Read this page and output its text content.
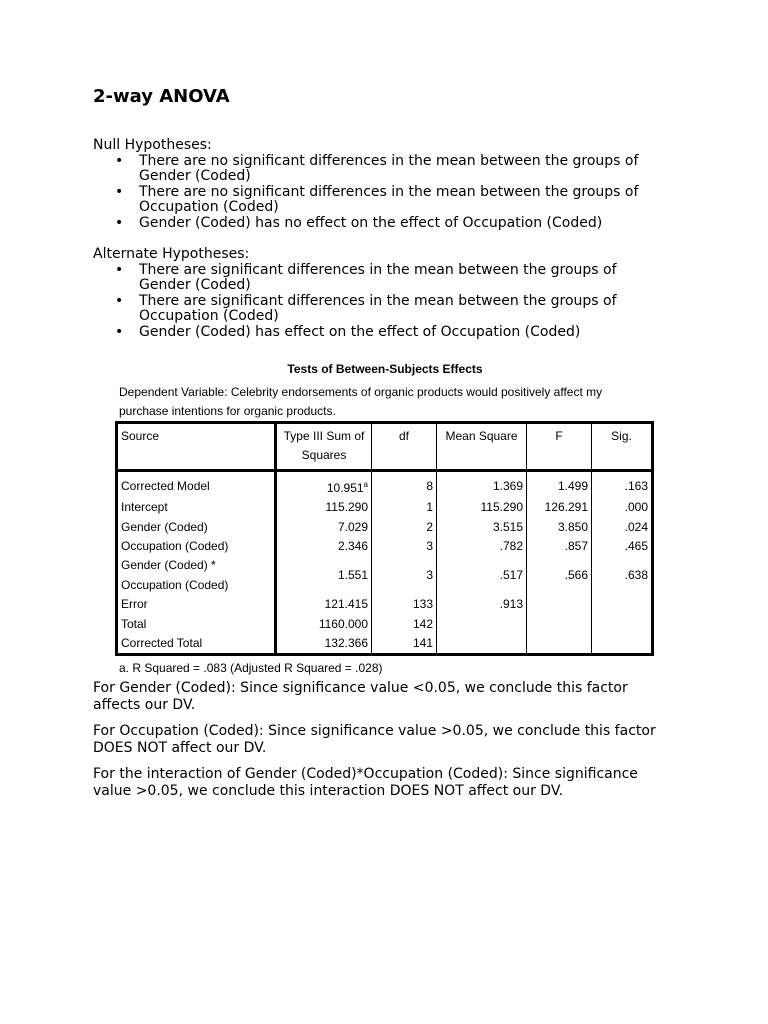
2-way ANOVA

Null Hypotheses:

• There are no significant differences in the mean between the groups of Gender (Coded)
• There are no significant differences in the mean between the groups of Occupation (Coded)
• Gender (Coded) has no effect on the effect of Occupation (Coded)

Alternate Hypotheses:

• There are significant differences in the mean between the groups of Gender (Coded)
• There are significant differences in the mean between the groups of Occupation (Coded)
• Gender (Coded) has effect on the effect of Occupation (Coded)

Tests of Between-Subjects Effects

Dependent Variable: Celebrity endorsements of organic products would positively affect my purchase intentions for organic products.

Source	Type III Sum of Squares	df	Mean Square	F	Sig.
Corrected Model	10.951$^a$	8	1.369	1.499	.163
Intercept	115.290	1	115.290	126.291	.000
Gender (Coded)	7.029	2	3.515	3.850	.024
Occupation (Coded)	2.346	3	.782	.857	.465
Gender (Coded) * Occupation (Coded)	1.551	3	.517	.566	.638
Error	121.415	133	.913		
Total	1160.000	142			
Corrected Total	132.366	141			

a. R Squared = .083 (Adjusted R Squared = .028)

For Gender (Coded): Since significance value <0.05, we conclude this factor affects our DV.

For Occupation (Coded): Since significance value >0.05, we conclude this factor DOES NOT affect our DV.

For the interaction of Gender (Coded)*Occupation (Coded): Since significance value >0.05, we conclude this interaction DOES NOT affect our DV.
